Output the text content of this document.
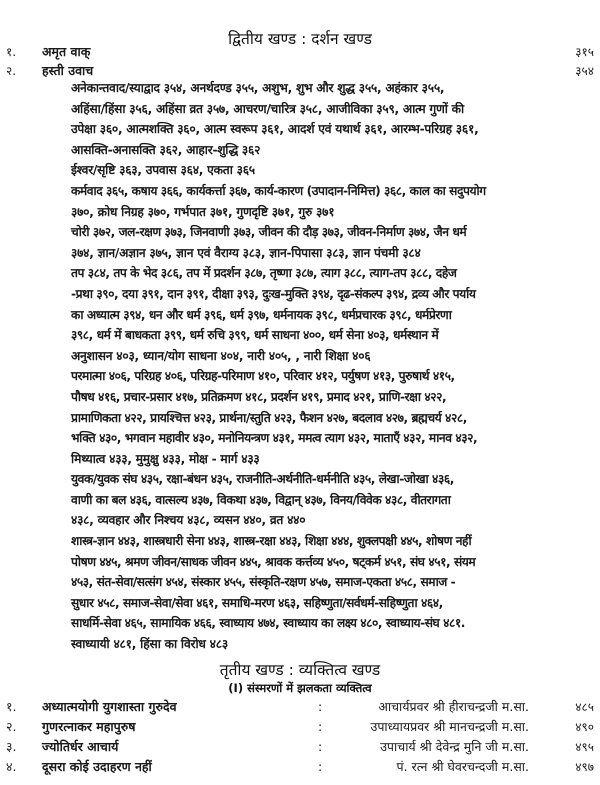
द्वितीय खण्ड : दर्शन खण्ड
१. अमृत वाक्	३१५
२. हस्ती उवाच	३५४
अनेकान्तवाद/स्याद्वाद ३५४, अनर्थदण्ड ३५५, अशुभ, शुभ और शुद्ध ३५५, अहंकार ३५५,
अहिंसा/हिंसा ३५६, अहिंसा व्रत ३५७, आचरण/चारित्र ३५८, आजीविका ३५९, आत्म गुणों की
उपेक्षा ३६०, आत्मशक्ति ३६०, आत्म स्वरूप ३६१, आदर्श एवं यथार्थ ३६१, आरम्भ-परिग्रह ३६१,
आसक्ति-अनासक्ति ३६२, आहार-शुद्धि ३६२
ईश्वर/सृष्टि ३६३, उपवास ३६४, एकता ३६५
कर्मवाद ३६५, कषाय ३६६, कार्यकर्त्ता ३६७, कार्य-कारण (उपादान-निमित्त) ३६८, काल का सदुपयोग
३७०, क्रोध निग्रह ३७०, गर्भपात ३७१, गुणदृष्टि ३७१, गुरु ३७१
चोरी ३७२, जल-रक्षण ३७३, जिनवाणी ३७३, जीवन की दौड़ ३७३, जीवन-निर्माण ३७४, जैन धर्म
३७४, ज्ञान/अज्ञान ३७५, ज्ञान एवं वैराग्य ३८३, ज्ञान-पिपासा ३८३, ज्ञान पंचमी ३८४
तप ३८४, तप के भेद ३८६, तप में प्रदर्शन ३८७, तृष्णा ३८७, त्याग ३८८, त्याग-तप ३८८, दहेज
-प्रथा ३९०, दया ३९१, दान ३९१, दीक्षा ३९३, दुःख-मुक्ति ३९४, दृढ-संकल्प ३९४, द्रव्य और पर्याय
का अध्यात्म ३९४, धन और धर्म ३९६, धर्म ३९७, धर्मनायक ३९८, धर्मप्रचारक ३९८, धर्मप्रेरणा
३९८, धर्म में बाधकता ३९९, धर्म रुचि ३९९, धर्म साधना ४००, धर्म सेना ४०३, धर्मस्थान में
अनुशासन ४०३, ध्यान/योग साधना ४०४, नारी ४०५, , नारी शिक्षा ४०६
परमात्मा ४०६, परिग्रह ४०६, परिग्रह-परिमाण ४१०, परिवार ४१२, पर्युषण ४१३, पुरुषार्थ ४१५,
पौषध ४१६, प्रचार-प्रसार ४१७, प्रतिक्रमण ४१८, प्रदर्शन ४१९, प्रमाद ४२१, प्राणि-रक्षा ४२२,
प्रामाणिकता ४२२, प्रायश्चित्त ४२३, प्रार्थना/स्तुति ४२३, फैशन ४२७, बदलाव ४२७, ब्रह्मचर्य ४२८,
भक्ति ४३०, भगवान महावीर ४३०, मनोनियन्त्रण ४३१, ममत्व त्याग ४३२, माताएँ ४३२, मानव ४३२,
मिथ्यात्व ४३३, मुमुक्षु ४३३, मोक्ष - मार्ग ४३३
युवक/युवक संघ ४३५, रक्षा-बंधन ४३५, राजनीति-अर्थनीति-धर्मनीति ४३५, लेखा-जोखा ४३६,
वाणी का बल ४३६, वात्सल्य ४३७, विकथा ४३७, विद्वान् ४३७, विनय/विवेक ४३८, वीतरागता
४३८, व्यवहार और निश्चय ४३८, व्यसन ४४०, व्रत ४४०
शास्त्र-ज्ञान ४४३, शास्त्रधारी सेना ४४३, शास्त्र-रक्षा ४४३, शिक्षा ४४४, शुक्लपक्षी ४४५, शोषण नहीं
पोषण ४४५, श्रमण जीवन/साधक जीवन ४४५, श्रावक कर्त्तव्य ४५०, षट्कर्म ४५१, संघ ४५१, संयम
४५३, संत-सेवा/सत्संग ४५४, संस्कार ४५५, संस्कृति-रक्षण ४५७, समाज-एकता ४५८, समाज -
सुधार ४५८, समाज-सेवा/सेवा ४६१, समाधि-मरण ४६३, सहिष्णुता/सर्वधर्म-सहिष्णुता ४६४,
साधर्मि-सेवा ४६५, सामायिक ४६६, स्वाध्याय ४७४, स्वाध्याय का लक्ष्य ४८०, स्वाध्याय-संघ ४८१.
स्वाध्यायी ४८१, हिंसा का विरोध ४८३
तृतीय खण्ड : व्यक्तित्व खण्ड
(I) संस्मरणों में झलकता व्यक्तित्व
१. अध्यात्मयोगी युगशास्ता गुरुदेव	:	आचार्यप्रवर श्री हीराचन्द्रजी म.सा.	४८५
२. गुणरत्नाकर महापुरुष	:	उपाध्यायप्रवर श्री मानचन्द्रजी म.सा.	४९०
३. ज्योतिर्धर आचार्य	:	उपाचार्य श्री देवेन्द्र मुनि जी म.सा.	४९५
४. दूसरा कोई उदाहरण नहीं	:	पं. रत्न श्री घेवरचन्दजी म.सा.	४९७
